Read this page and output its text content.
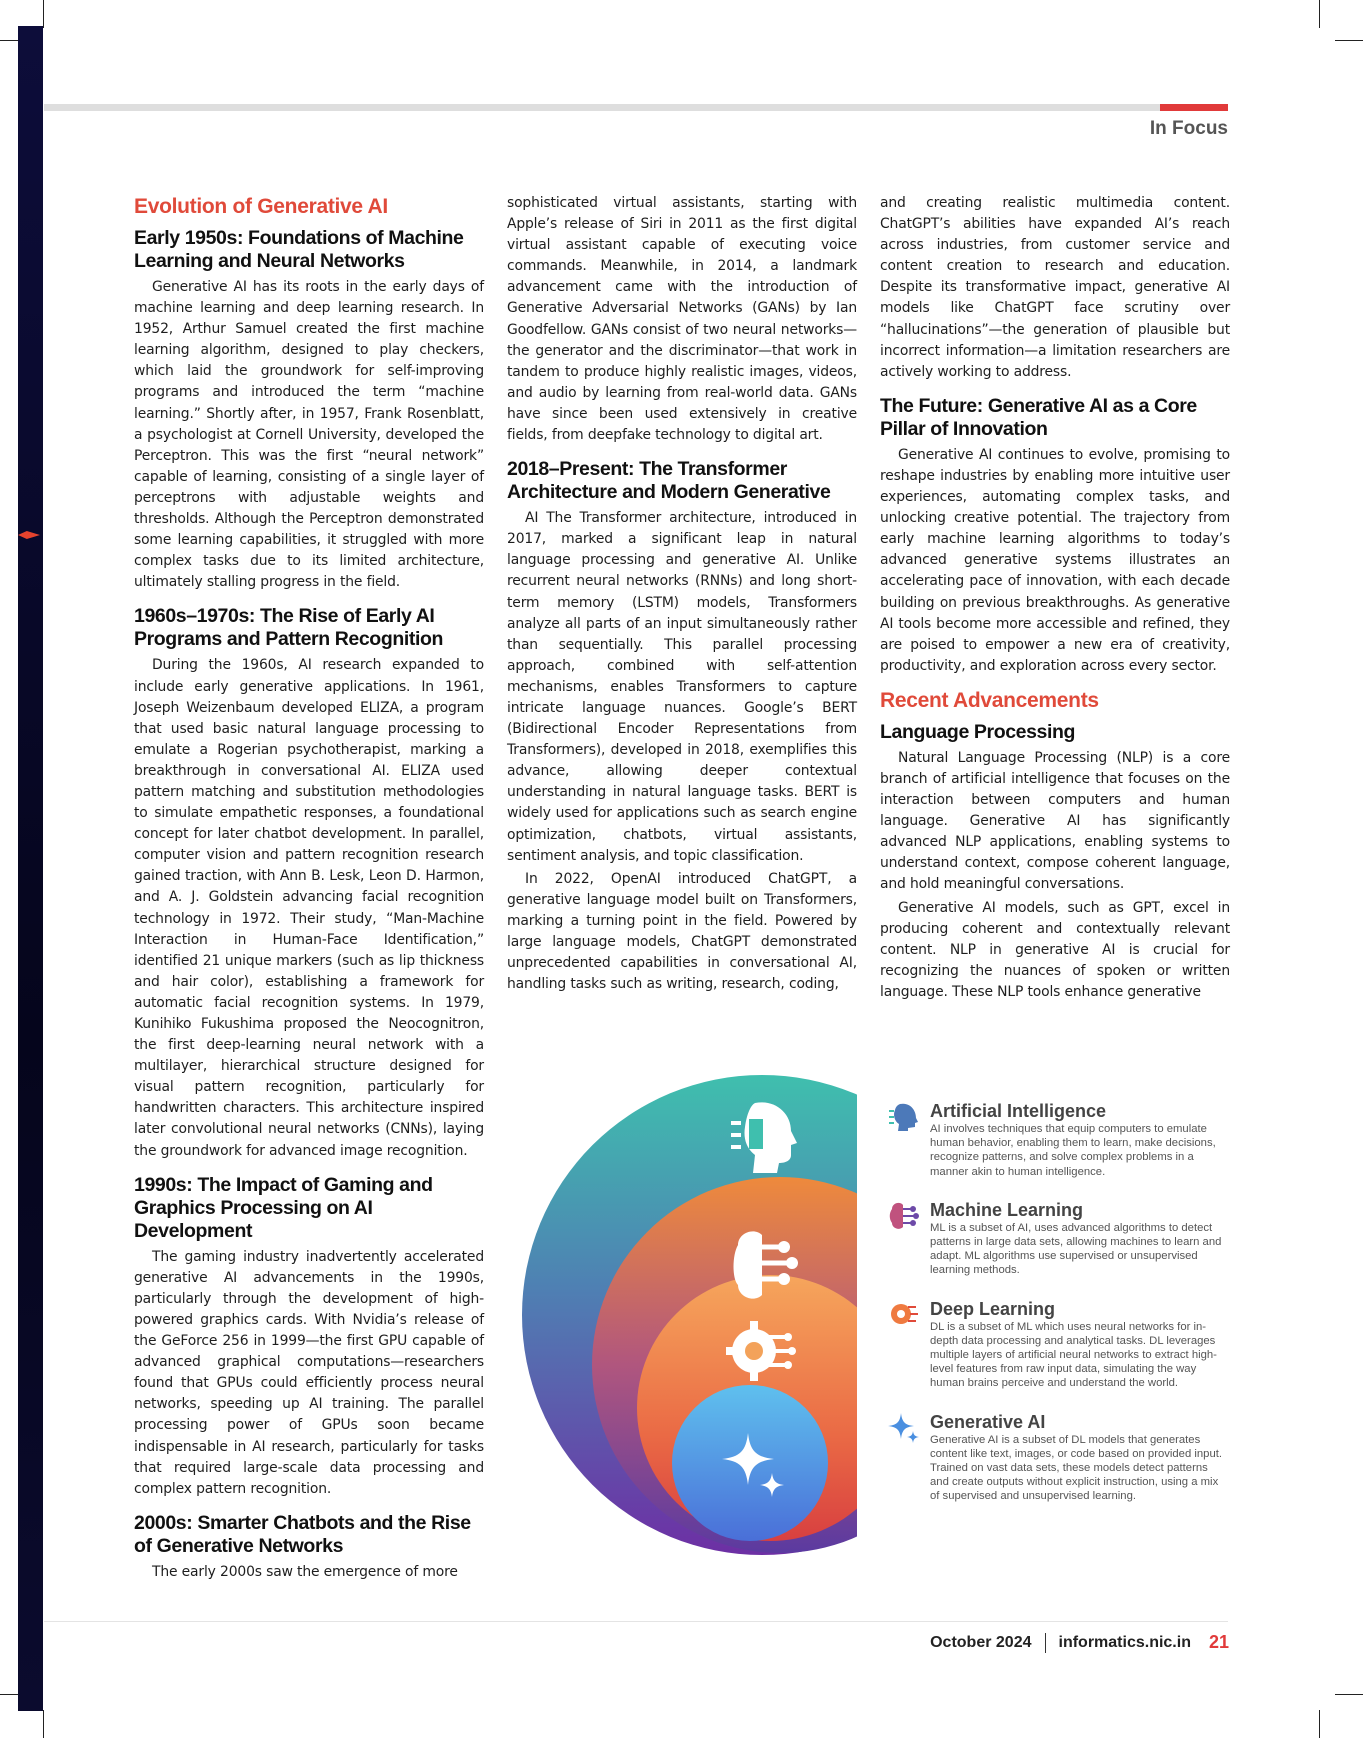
In Focus
Evolution of Generative AI
Early 1950s: Foundations of Machine Learning and Neural Networks

Generative AI has its roots in the early days of machine learning and deep learning research. In 1952, Arthur Samuel created the first machine learning algorithm, designed to play checkers, which laid the groundwork for self-improving programs and introduced the term “machine learning.” Shortly after, in 1957, Frank Rosenblatt, a psychologist at Cornell University, developed the Perceptron. This was the first “neural network” capable of learning, consisting of a single layer of perceptrons with adjustable weights and thresholds. Although the Perceptron demonstrated some learning capabilities, it struggled with more complex tasks due to its limited architecture, ultimately stalling progress in the field.

1960s–1970s: The Rise of Early AI Programs and Pattern Recognition

During the 1960s, AI research expanded to include early generative applications. In 1961, Joseph Weizenbaum developed ELIZA, a program that used basic natural language processing to emulate a Rogerian psychotherapist, marking a breakthrough in conversational AI. ELIZA used pattern matching and substitution methodologies to simulate empathetic responses, a foundational concept for later chatbot development. In parallel, computer vision and pattern recognition research gained traction, with Ann B. Lesk, Leon D. Harmon, and A. J. Goldstein advancing facial recognition technology in 1972. Their study, “Man-Machine Interaction in Human-Face Identification,” identified 21 unique markers (such as lip thickness and hair color), establishing a framework for automatic facial recognition systems. In 1979, Kunihiko Fukushima proposed the Neocognitron, the first deep-learning neural network with a multilayer, hierarchical structure designed for visual pattern recognition, particularly for handwritten characters. This architecture inspired later convolutional neural networks (CNNs), laying the groundwork for advanced image recognition.

1990s: The Impact of Gaming and Graphics Processing on AI Development

The gaming industry inadvertently accelerated generative AI advancements in the 1990s, particularly through the development of high-powered graphics cards. With Nvidia’s release of the GeForce 256 in 1999—the first GPU capable of advanced graphical computations—researchers found that GPUs could efficiently process neural networks, speeding up AI training. The parallel processing power of GPUs soon became indispensable in AI research, particularly for tasks that required large-scale data processing and complex pattern recognition.

2000s: Smarter Chatbots and the Rise of Generative Networks

The early 2000s saw the emergence of more

sophisticated virtual assistants, starting with Apple’s release of Siri in 2011 as the first digital virtual assistant capable of executing voice commands. Meanwhile, in 2014, a landmark advancement came with the introduction of Generative Adversarial Networks (GANs) by Ian Goodfellow. GANs consist of two neural networks—the generator and the discriminator—that work in tandem to produce highly realistic images, videos, and audio by learning from real-world data. GANs have since been used extensively in creative fields, from deepfake technology to digital art.

2018–Present: The Transformer Architecture and Modern Generative

AI The Transformer architecture, introduced in 2017, marked a significant leap in natural language processing and generative AI. Unlike recurrent neural networks (RNNs) and long short-term memory (LSTM) models, Transformers analyze all parts of an input simultaneously rather than sequentially. This parallel processing approach, combined with self-attention mechanisms, enables Transformers to capture intricate language nuances. Google’s BERT (Bidirectional Encoder Representations from Transformers), developed in 2018, exemplifies this advance, allowing deeper contextual understanding in natural language tasks. BERT is widely used for applications such as search engine optimization, chatbots, virtual assistants, sentiment analysis, and topic classification.

In 2022, OpenAI introduced ChatGPT, a generative language model built on Transformers, marking a turning point in the field. Powered by large language models, ChatGPT demonstrated unprecedented capabilities in conversational AI, handling tasks such as writing, research, coding,

and creating realistic multimedia content. ChatGPT’s abilities have expanded AI’s reach across industries, from customer service and content creation to research and education. Despite its transformative impact, generative AI models like ChatGPT face scrutiny over “hallucinations”—the generation of plausible but incorrect information—a limitation researchers are actively working to address.

The Future: Generative AI as a Core Pillar of Innovation

Generative AI continues to evolve, promising to reshape industries by enabling more intuitive user experiences, automating complex tasks, and unlocking creative potential. The trajectory from early machine learning algorithms to today’s advanced generative systems illustrates an accelerating pace of innovation, with each decade building on previous breakthroughs. As generative AI tools become more accessible and refined, they are poised to empower a new era of creativity, productivity, and exploration across every sector.

Recent Advancements
Language Processing

Natural Language Processing (NLP) is a core branch of artificial intelligence that focuses on the interaction between computers and human language. Generative AI has significantly advanced NLP applications, enabling systems to understand context, compose coherent language, and hold meaningful conversations.

Generative AI models, such as GPT, excel in producing coherent and contextually relevant content. NLP in generative AI is crucial for recognizing the nuances of spoken or written language. These NLP tools enhance generative

Artificial Intelligence

AI involves techniques that equip computers to emulate human behavior, enabling them to learn, make decisions, recognize patterns, and solve complex problems in a manner akin to human intelligence.

Machine Learning

ML is a subset of AI, uses advanced algorithms to detect patterns in large data sets, allowing machines to learn and adapt. ML algorithms use supervised or unsupervised learning methods.

Deep Learning

DL is a subset of ML which uses neural networks for in-depth data processing and analytical tasks. DL leverages multiple layers of artificial neural networks to extract high-level features from raw input data, simulating the way human brains perceive and understand the world.

Generative AI

Generative AI is a subset of DL models that generates content like text, images, or code based on provided input. Trained on vast data sets, these models detect patterns and create outputs without explicit instruction, using a mix of supervised and unsupervised learning.

October 2024 informatics.nic.in 21
